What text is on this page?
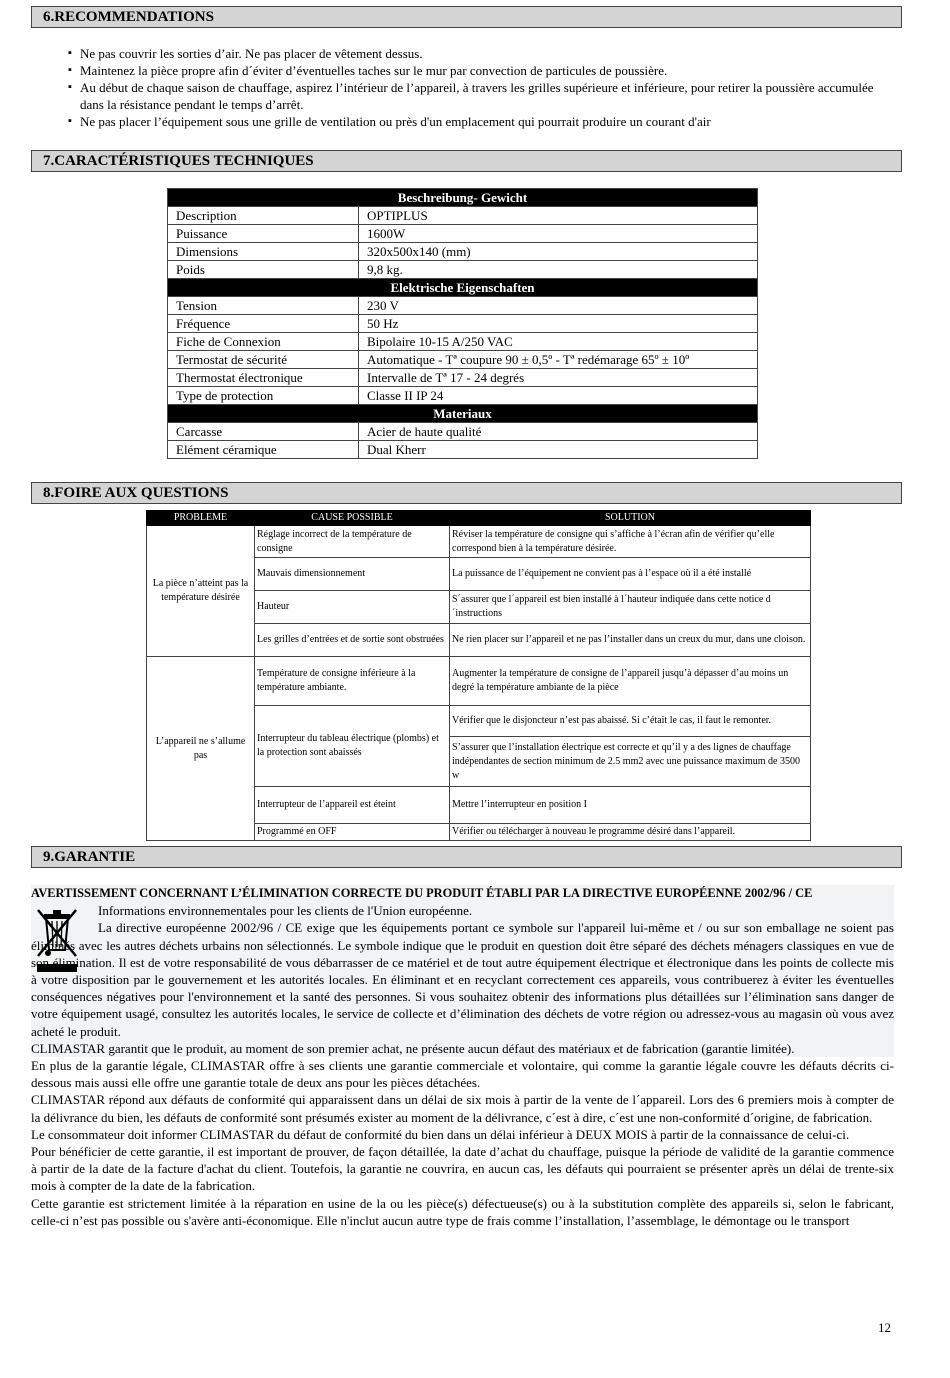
6.RECOMMENDATIONS
▪ Ne pas couvrir les sorties d’air. Ne pas placer de vêtement dessus.
▪ Maintenez la pièce propre afin d´éviter d’éventuelles taches sur le mur par convection de particules de poussière.
▪ Au début de chaque saison de chauffage, aspirez l’intérieur de l’appareil, à travers les grilles supérieure et inférieure, pour retirer la poussière accumulée dans la résistance pendant le temps d’arrêt.
▪ Ne pas placer l’équipement sous une grille de ventilation ou près d'un emplacement qui pourrait produire un courant d'air
7.CARACTÉRISTIQUES TECHNIQUES
Beschreibung- Gewicht	
Description	OPTIPLUS
Puissance	1600W
Dimensions	320x500x140 (mm)
Poids	9,8 kg.
Elektrische Eigenschaften	
Tension	230 V
Fréquence	50 Hz
Fiche de Connexion	Bipolaire 10-15 A/250 VAC
Termostat de sécurité	Automatique - Tª coupure 90 ± 0,5º - Tª redémarage 65º ± 10º
Thermostat électronique	Intervalle de Tª 17 - 24 degrés
Type de protection	Classe II IP 24
Materiaux	
Carcasse	Acier de haute qualité
Elément céramique	Dual Kherr
8.FOIRE AUX QUESTIONS
PROBLEME	CAUSE POSSIBLE	SOLUTION
La pièce n’atteint pas la température désirée	Réglage incorrect de la température de consigne	Réviser la température de consigne qui s’affiche à l’écran afin de vérifier qu’elle correspond bien à la température désirée.
	Mauvais dimensionnement	La puissance de l’équipement ne convient pas à l’espace où il a été installé
	Hauteur	S´assurer que l´appareil est bien installé à l´hauteur indiquée dans cette notice d´instructions
	Les grilles d’entrées et de sortie sont obstruées	Ne rien placer sur l’appareil et ne pas l’installer dans un creux du mur, dans une cloison.
L’appareil ne s’allume pas	Température de consigne inférieure à la température ambiante.	Augmenter la température de consigne de l’appareil jusqu’à dépasser d’au moins un degré la température ambiante de la pièce
	Interrupteur du tableau électrique (plombs) et la protection sont abaissés	Vérifier que le disjoncteur n’est pas abaissé. Si c’était le cas, il faut le remonter.
		S’assurer que l’installation électrique est correcte et qu’il y a des lignes de chauffage indépendantes de section minimum de 2.5 mm2 avec une puissance maximum de 3500 w
	Interrupteur de l’appareil est éteint	Mettre l’interrupteur en position I
	Programmé en OFF	Vérifier ou télécharger à nouveau le programme désiré dans l’appareil.
9.GARANTIE

AVERTISSEMENT CONCERNANT L’ÉLIMINATION CORRECTE DU PRODUIT ÉTABLI PAR LA DIRECTIVE EUROPÉENNE 2002/96 / CE

Informations environnementales pour les clients de l'Union européenne.

La directive européenne 2002/96 / CE exige que les équipements portant ce symbole sur l'appareil lui-même et / ou sur son emballage ne soient pas éliminés avec les autres déchets urbains non sélectionnés. Le symbole indique que le produit en question doit être séparé des déchets ménagers classiques en vue de son élimination. Il est de votre responsabilité de vous débarrasser de ce matériel et de tout autre équipement électrique et électronique dans les points de collecte mis à votre disposition par le gouvernement et les autorités locales. En éliminant et en recyclant correctement ces appareils, vous contribuerez à éviter les éventuelles conséquences négatives pour l'environnement et la santé des personnes. Si vous souhaitez obtenir des informations plus détaillées sur l’élimination sans danger de votre équipement usagé, consultez les autorités locales, le service de collecte et d’élimination des déchets de votre région ou adressez-vous au magasin où vous avez acheté le produit.

CLIMASTAR garantit que le produit, au moment de son premier achat, ne présente aucun défaut des matériaux et de fabrication (garantie limitée).

En plus de la garantie légale, CLIMASTAR offre à ses clients une garantie commerciale et volontaire, qui comme la garantie légale couvre les défauts décrits ci-dessous mais aussi elle offre une garantie totale de deux ans pour les pièces détachées.

CLIMASTAR répond aux défauts de conformité qui apparaissent dans un délai de six mois à partir de la vente de l´appareil. Lors des 6 premiers mois à compter de la délivrance du bien, les défauts de conformité sont présumés exister au moment de la délivrance, c´est à dire, c´est une non-conformité d´origine, de fabrication.

Le consommateur doit informer CLIMASTAR du défaut de conformité du bien dans un délai inférieur à DEUX MOIS à partir de la connaissance de celui-ci.

Pour bénéficier de cette garantie, il est important de prouver, de façon détaillée, la date d’achat du chauffage, puisque la période de validité de la garantie commence à partir de la date de la facture d'achat du client. Toutefois, la garantie ne couvrira, en aucun cas, les défauts qui pourraient se présenter après un délai de trente-six mois à compter de la date de la fabrication.

Cette garantie est strictement limitée à la réparation en usine de la ou les pièce(s) défectueuse(s) ou à la substitution complète des appareils si, selon le fabricant, celle-ci n’est pas possible ou s'avère anti-économique. Elle n'inclut aucun autre type de frais comme l’installation, l’assemblage, le démontage ou le transport

12
